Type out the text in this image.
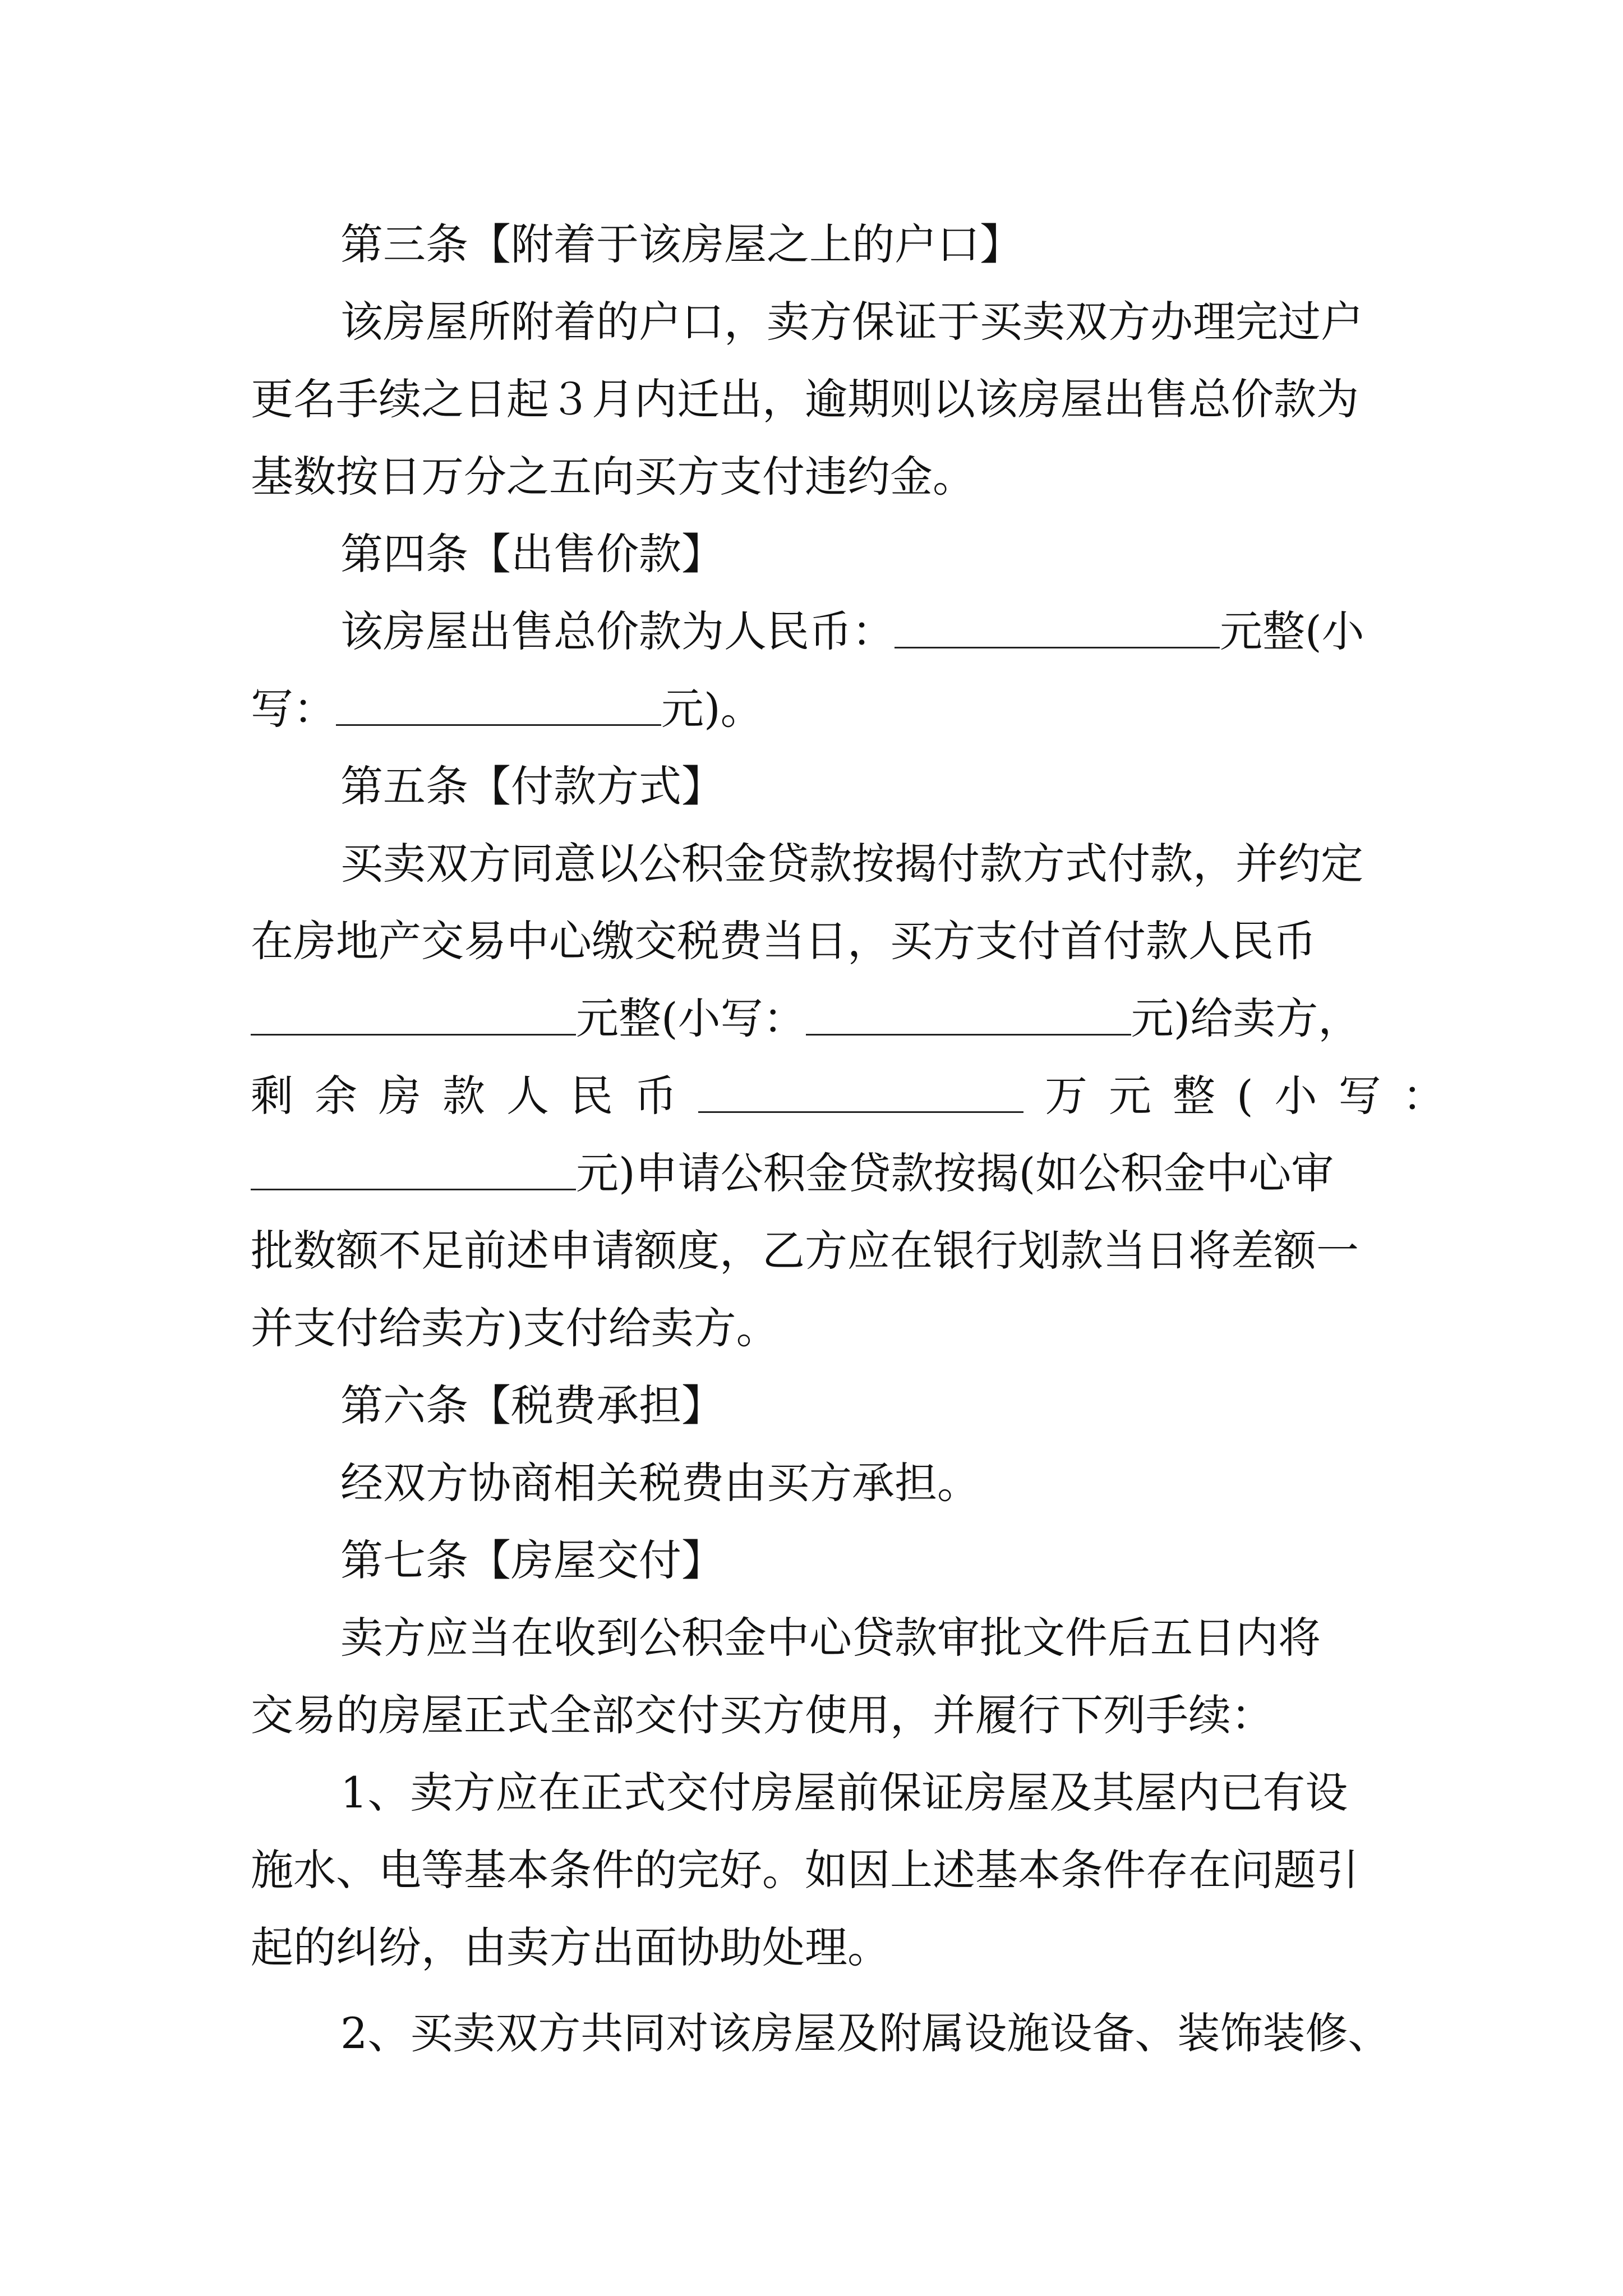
第三条【附着于该房屋之上的户口】
该房屋所附着的户口，卖方保证于买卖双方办理完过户
更名手续之日起３月内迁出，逾期则以该房屋出售总价款为
基数按日万分之五向买方支付违约金。
第四条【出售价款】
该房屋出售总价款为人民币：	元整(小
写：	元)。
第五条【付款方式】
买卖双方同意以公积金贷款按揭付款方式付款，并约定
在房地产交易中心缴交税费当日，买方支付首付款人民币
元整(小写：	元)给卖方，
剩余房款人民币	万元整(小写：
元)申请公积金贷款按揭(如公积金中心审
批数额不足前述申请额度，乙方应在银行划款当日将差额一
并支付给卖方)支付给卖方。
第六条【税费承担】
经双方协商相关税费由买方承担。
第七条【房屋交付】
卖方应当在收到公积金中心贷款审批文件后五日内将
交易的房屋正式全部交付买方使用，并履行下列手续：
1、卖方应在正式交付房屋前保证房屋及其屋内已有设
施水、电等基本条件的完好。如因上述基本条件存在问题引
起的纠纷，由卖方出面协助处理。
2、买卖双方共同对该房屋及附属设施设备、装饰装修、
